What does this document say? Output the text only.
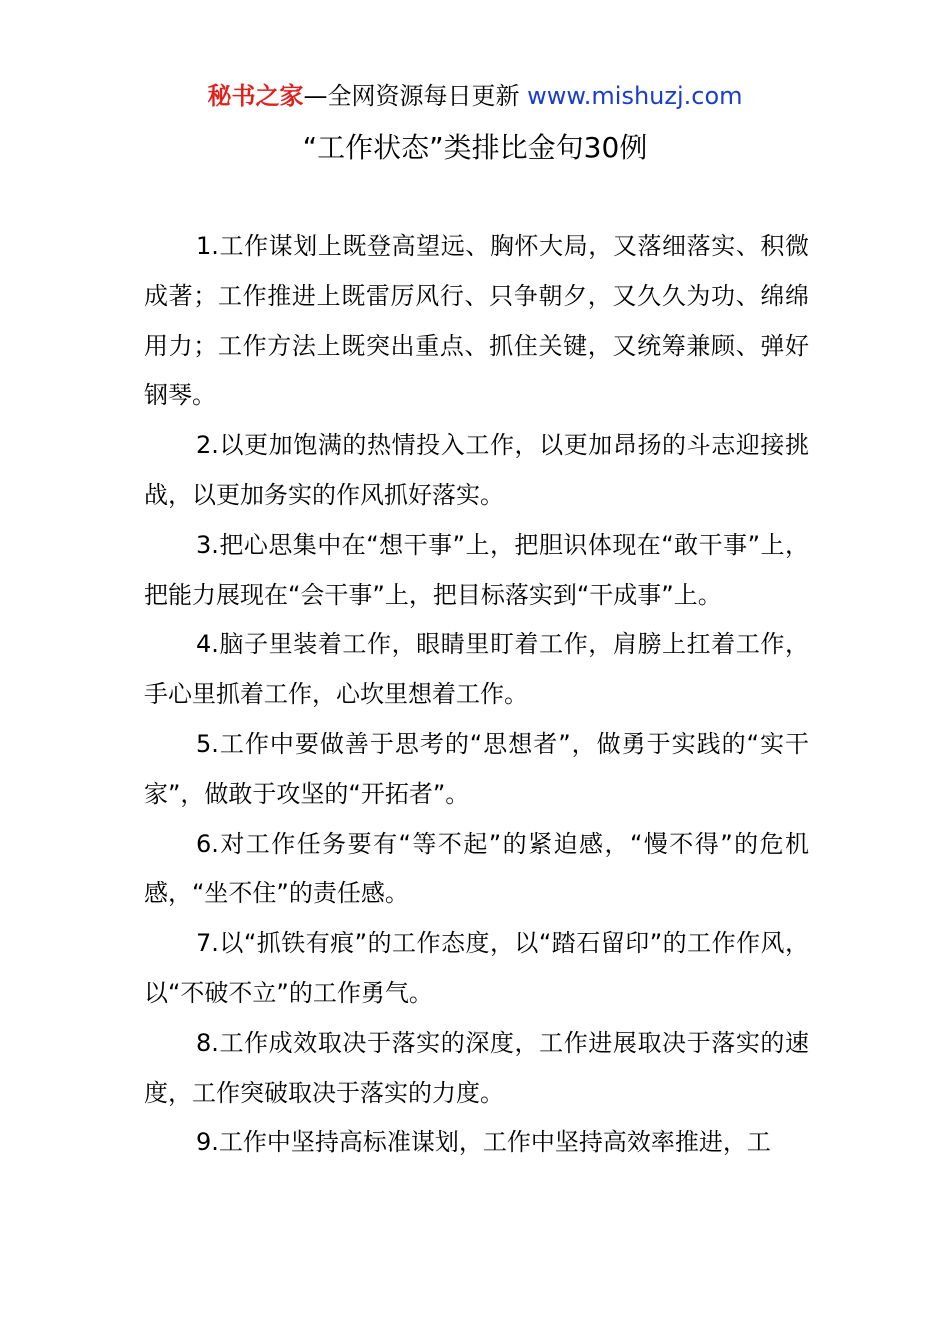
秘书之家—全网资源每日更新 www.mishuzj.com
“工作状态”类排比金句30例

1.工作谋划上既登高望远、胸怀大局，又落细落实、积微成著；工作推进上既雷厉风行、只争朝夕，又久久为功、绵绵用力；工作方法上既突出重点、抓住关键，又统筹兼顾、弹好钢琴。

2.以更加饱满的热情投入工作，以更加昂扬的斗志迎接挑战，以更加务实的作风抓好落实。

3.把心思集中在“想干事”上，把胆识体现在“敢干事”上，把能力展现在“会干事”上，把目标落实到“干成事”上。

4.脑子里装着工作，眼睛里盯着工作，肩膀上扛着工作，手心里抓着工作，心坎里想着工作。

5.工作中要做善于思考的“思想者”，做勇于实践的“实干家”，做敢于攻坚的“开拓者”。

6.对工作任务要有“等不起”的紧迫感，“慢不得”的危机感，“坐不住”的责任感。

7.以“抓铁有痕”的工作态度，以“踏石留印”的工作作风，以“不破不立”的工作勇气。

8.工作成效取决于落实的深度，工作进展取决于落实的速度，工作突破取决于落实的力度。

9.工作中坚持高标准谋划，工作中坚持高效率推进，工
